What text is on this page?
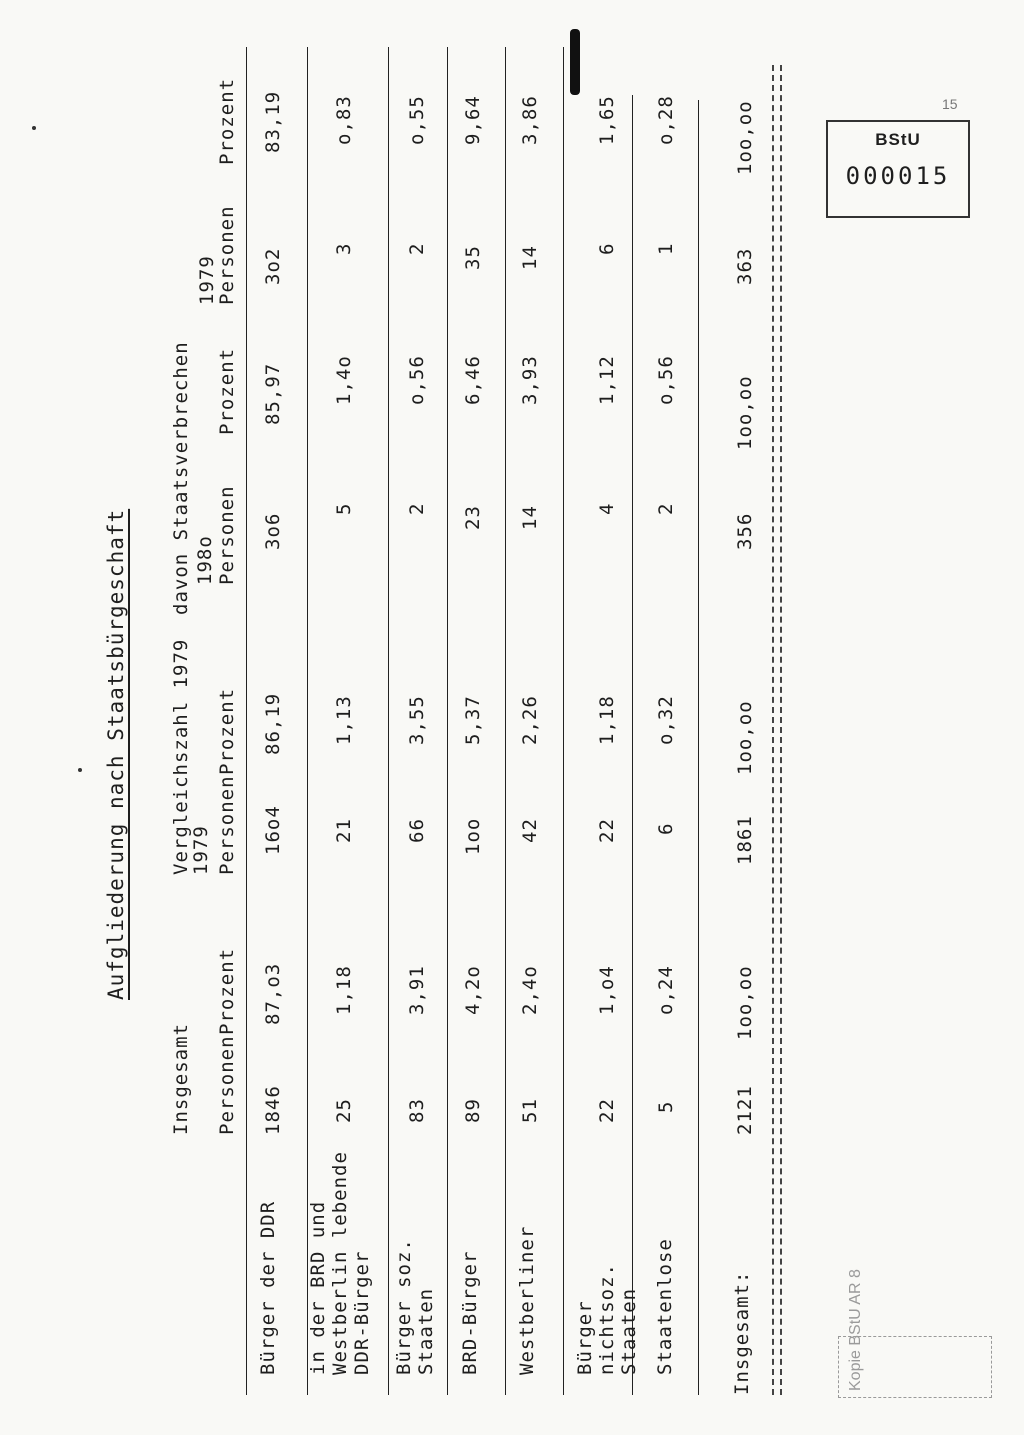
Aufgliederung nach Staatsbürgeschaft
Insgesamt
Vergleichszahl 1979
davon Staatsverbrechen
1979
198o
1979
Personen
Prozent
Personen
Prozent
Personen
Prozent
Personen
Prozent
Bürger der DDR in der BRD und Westberlin lebende DDR-Bürger Bürger soz. Staaten BRD-Bürger Westberliner Bürger nichtsoz. Staaten Staatenlose	Insgesamt:
1846
87,o3
16o4
86,19
3o6
85,97
3o2
83,19
25
1,18
21
1,13
5
1,4o
3
o,83
83
3,91
66
3,55
2
o,56
2
o,55
89
4,2o
1oo
5,37
23
6,46
35
9,64
51
2,4o
42
2,26
14
3,93
14
3,86
22
1,o4
22
1,18
4
1,12
6
1,65
5
o,24
6
o,32
2
o,56
1
o,28
2121
1oo,oo
1861
1oo,oo
356
1oo,oo
363
1oo,oo	BStU
000015
15
Kopie BStU AR 8
